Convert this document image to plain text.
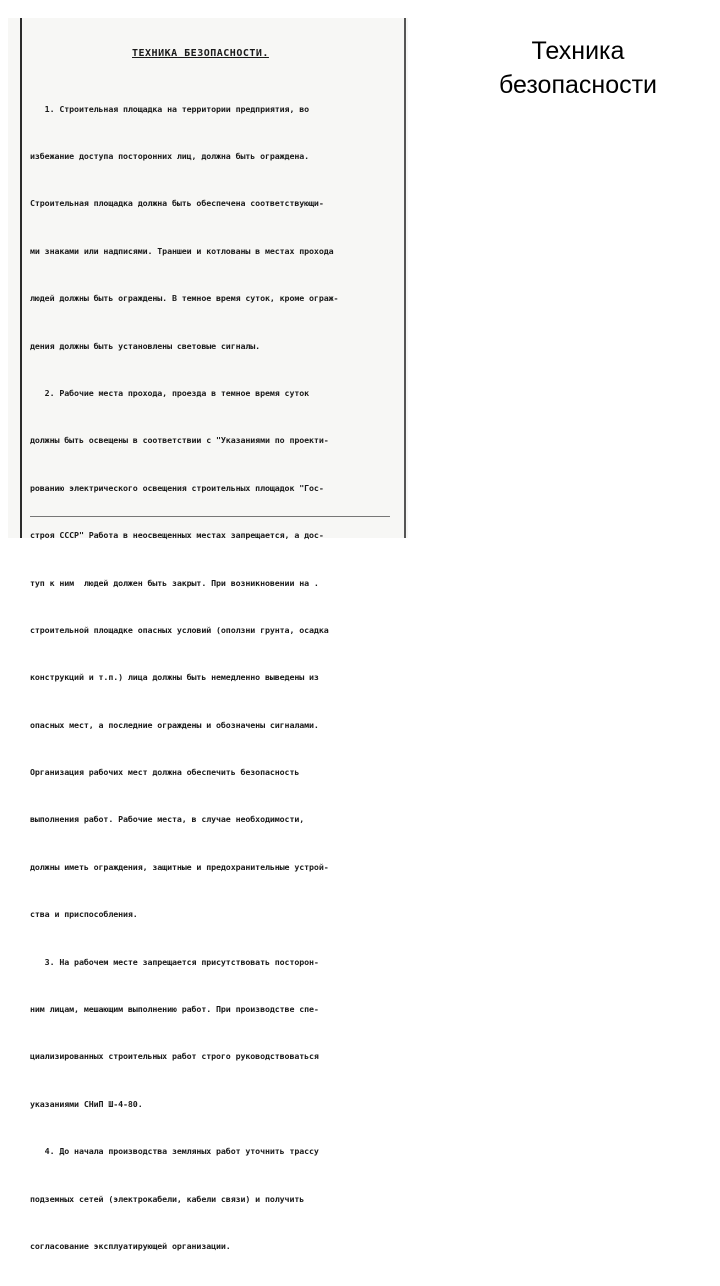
Техника
безопасности
ТЕХНИКА БЕЗОПАСНОСТИ.

1. Строительная площадка на территории предприятия, во

избежание доступа посторонних лиц, должна быть ограждена.

Строительная площадка должна быть обеспечена соответствующи-

ми знаками или надписями. Траншеи и котлованы в местах прохода

людей должны быть ограждены. В темное время суток, кроме ограж-

дения должны быть установлены световые сигналы.

2. Рабочие места прохода, проезда в темное время суток

должны быть освещены в соответствии с "Указаниями по проекти-

рованию электрического освещения строительных площадок "Гос-

строя СССР" Работа в неосвещенных местах запрещается, а дос-

туп к ним  людей должен быть закрыт. При возникновении на .

строительной площадке опасных условий (оползни грунта, осадка

конструкций и т.п.) лица должны быть немедленно выведены из

опасных мест, а последние ограждены и обозначены сигналами.

Организация рабочих мест должна обеспечить безопасность

выполнения работ. Рабочие места, в случае необходимости,

должны иметь ограждения, защитные и предохранительные устрой-

ства и приспособления.

3. На рабочем месте запрещается присутствовать посторон-

ним лицам, мешающим выполнению работ. При производстве спе-

циализированных строительных работ строго руководствоваться

указаниями СНиП Ш-4-80.

4. До начала производства земляных работ уточнить трассу

подземных сетей (электрокабели, кабели связи) и получить

согласование эксплуатирующей организации.
